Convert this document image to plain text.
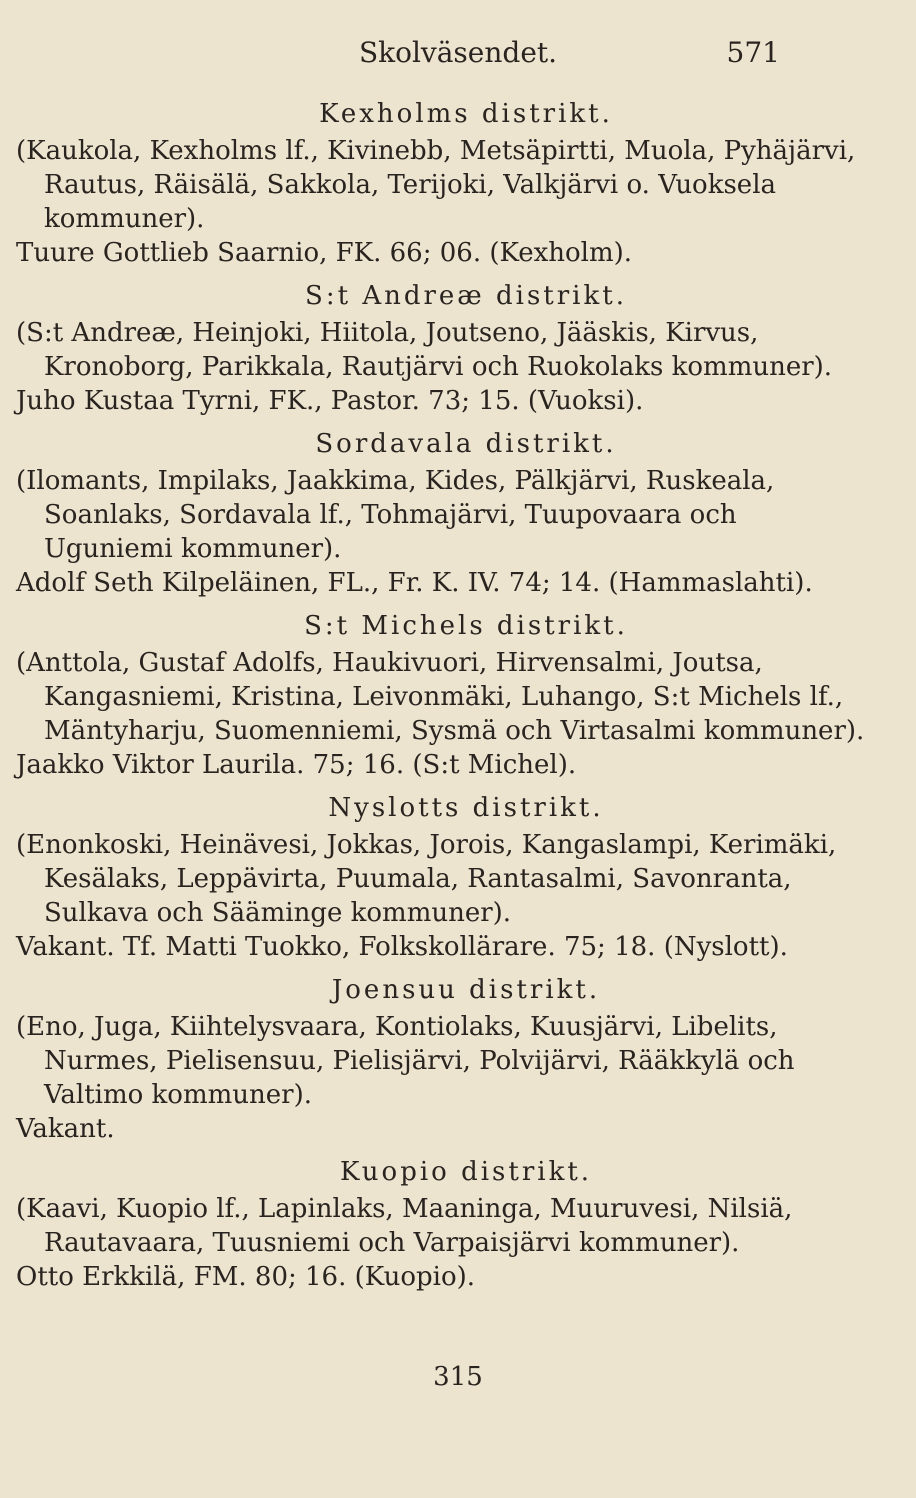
Skolväsendet.	571
Kexholms distrikt.

(Kaukola, Kexholms lf., Kivinebb, Metsäpirtti, Muola, Pyhäjärvi, Rautus, Räisälä, Sakkola, Terijoki, Valkjärvi o. Vuoksela kommuner).

Tuure Gottlieb Saarnio, FK. 66; 06. (Kexholm).

S:t Andreæ distrikt.

(S:t Andreæ, Heinjoki, Hiitola, Joutseno, Jääskis, Kirvus, Kronoborg, Parikkala, Rautjärvi och Ruokolaks kommuner).

Juho Kustaa Tyrni, FK., Pastor. 73; 15. (Vuoksi).

Sordavala distrikt.

(Ilomants, Impilaks, Jaakkima, Kides, Pälkjärvi, Ruskeala, Soanlaks, Sordavala lf., Tohmajärvi, Tuupovaara och Uguniemi kommuner).

Adolf Seth Kilpeläinen, FL., Fr. K. IV. 74; 14. (Hammaslahti).

S:t Michels distrikt.

(Anttola, Gustaf Adolfs, Haukivuori, Hirvensalmi, Joutsa, Kangasniemi, Kristina, Leivonmäki, Luhango, S:t Michels lf., Mäntyharju, Suomenniemi, Sysmä och Virtasalmi kommuner).

Jaakko Viktor Laurila. 75; 16. (S:t Michel).

Nyslotts distrikt.

(Enonkoski, Heinävesi, Jokkas, Jorois, Kangaslampi, Kerimäki, Kesälaks, Leppävirta, Puumala, Rantasalmi, Savonranta, Sulkava och Sääminge kommuner).

Vakant. Tf. Matti Tuokko, Folkskollärare. 75; 18. (Nyslott).

Joensuu distrikt.

(Eno, Juga, Kiihtelysvaara, Kontiolaks, Kuusjärvi, Libelits, Nurmes, Pielisensuu, Pielisjärvi, Polvijärvi, Rääkkylä och Valtimo kommuner).

Vakant.

Kuopio distrikt.

(Kaavi, Kuopio lf., Lapinlaks, Maaninga, Muuruvesi, Nilsiä, Rautavaara, Tuusniemi och Varpaisjärvi kommuner).

Otto Erkkilä, FM. 80; 16. (Kuopio).

315
